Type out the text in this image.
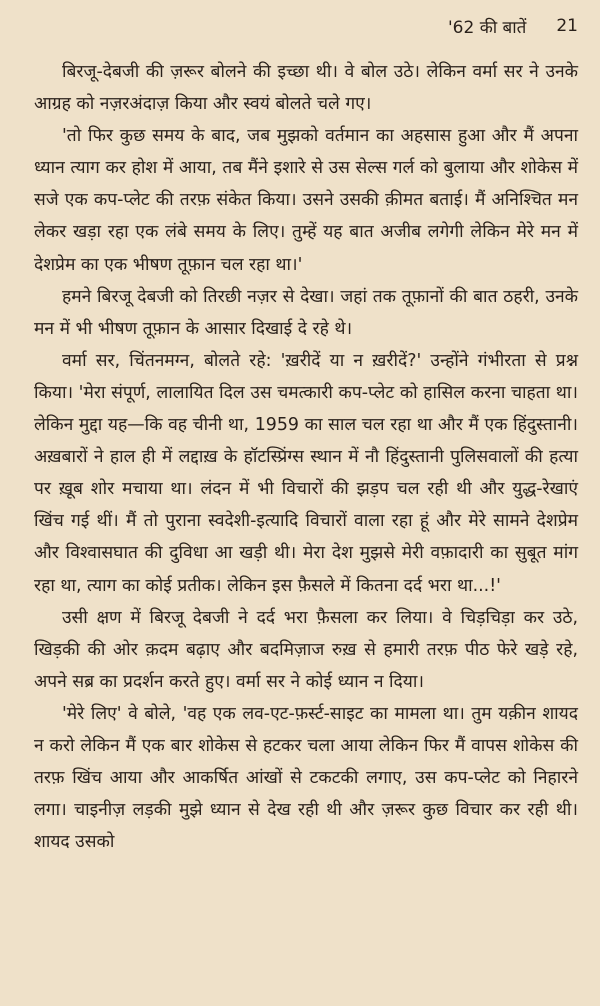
'62 की बातें 21

बिरजू-देबजी की ज़रूर बोलने की इच्छा थी। वे बोल उठे। लेकिन वर्मा सर ने उनके आग्रह को नज़रअंदाज़ किया और स्वयं बोलते चले गए।

'तो फिर कुछ समय के बाद, जब मुझको वर्तमान का अहसास हुआ और मैं अपना ध्यान त्याग कर होश में आया, तब मैंने इशारे से उस सेल्स गर्ल को बुलाया और शोकेस में सजे एक कप-प्लेट की तरफ़ संकेत किया। उसने उसकी क़ीमत बताई। मैं अनिश्चित मन लेकर खड़ा रहा एक लंबे समय के लिए। तुम्हें यह बात अजीब लगेगी लेकिन मेरे मन में देशप्रेम का एक भीषण तूफ़ान चल रहा था।'

हमने बिरजू देबजी को तिरछी नज़र से देखा। जहां तक तूफ़ानों की बात ठहरी, उनके मन में भी भीषण तूफ़ान के आसार दिखाई दे रहे थे।

वर्मा सर, चिंतनमग्न, बोलते रहे: 'ख़रीदें या न ख़रीदें?' उन्होंने गंभीरता से प्रश्न किया। 'मेरा संपूर्ण, लालायित दिल उस चमत्कारी कप-प्लेट को हासिल करना चाहता था। लेकिन मुद्दा यह—कि वह चीनी था, 1959 का साल चल रहा था और मैं एक हिंदुस्तानी। अख़बारों ने हाल ही में लद्दाख़ के हॉटस्प्रिंग्स स्थान में नौ हिंदुस्तानी पुलिसवालों की हत्या पर ख़ूब शोर मचाया था। लंदन में भी विचारों की झड़प चल रही थी और युद्ध-रेखाएं खिंच गई थीं। मैं तो पुराना स्वदेशी-इत्यादि विचारों वाला रहा हूं और मेरे सामने देशप्रेम और विश्वासघात की दुविधा आ खड़ी थी। मेरा देश मुझसे मेरी वफ़ादारी का सुबूत मांग रहा था, त्याग का कोई प्रतीक। लेकिन इस फ़ैसले में कितना दर्द भरा था...!'

उसी क्षण में बिरजू देबजी ने दर्द भरा फ़ैसला कर लिया। वे चिड़चिड़ा कर उठे, खिड़की की ओर क़दम बढ़ाए और बदमिज़ाज रुख़ से हमारी तरफ़ पीठ फेरे खड़े रहे, अपने सब्र का प्रदर्शन करते हुए। वर्मा सर ने कोई ध्यान न दिया।

'मेरे लिए' वे बोले, 'वह एक लव-एट-फ़र्स्ट-साइट का मामला था। तुम यक़ीन शायद न करो लेकिन मैं एक बार शोकेस से हटकर चला आया लेकिन फिर मैं वापस शोकेस की तरफ़ खिंच आया और आकर्षित आंखों से टकटकी लगाए, उस कप-प्लेट को निहारने लगा। चाइनीज़ लड़की मुझे ध्यान से देख रही थी और ज़रूर कुछ विचार कर रही थी। शायद उसको
